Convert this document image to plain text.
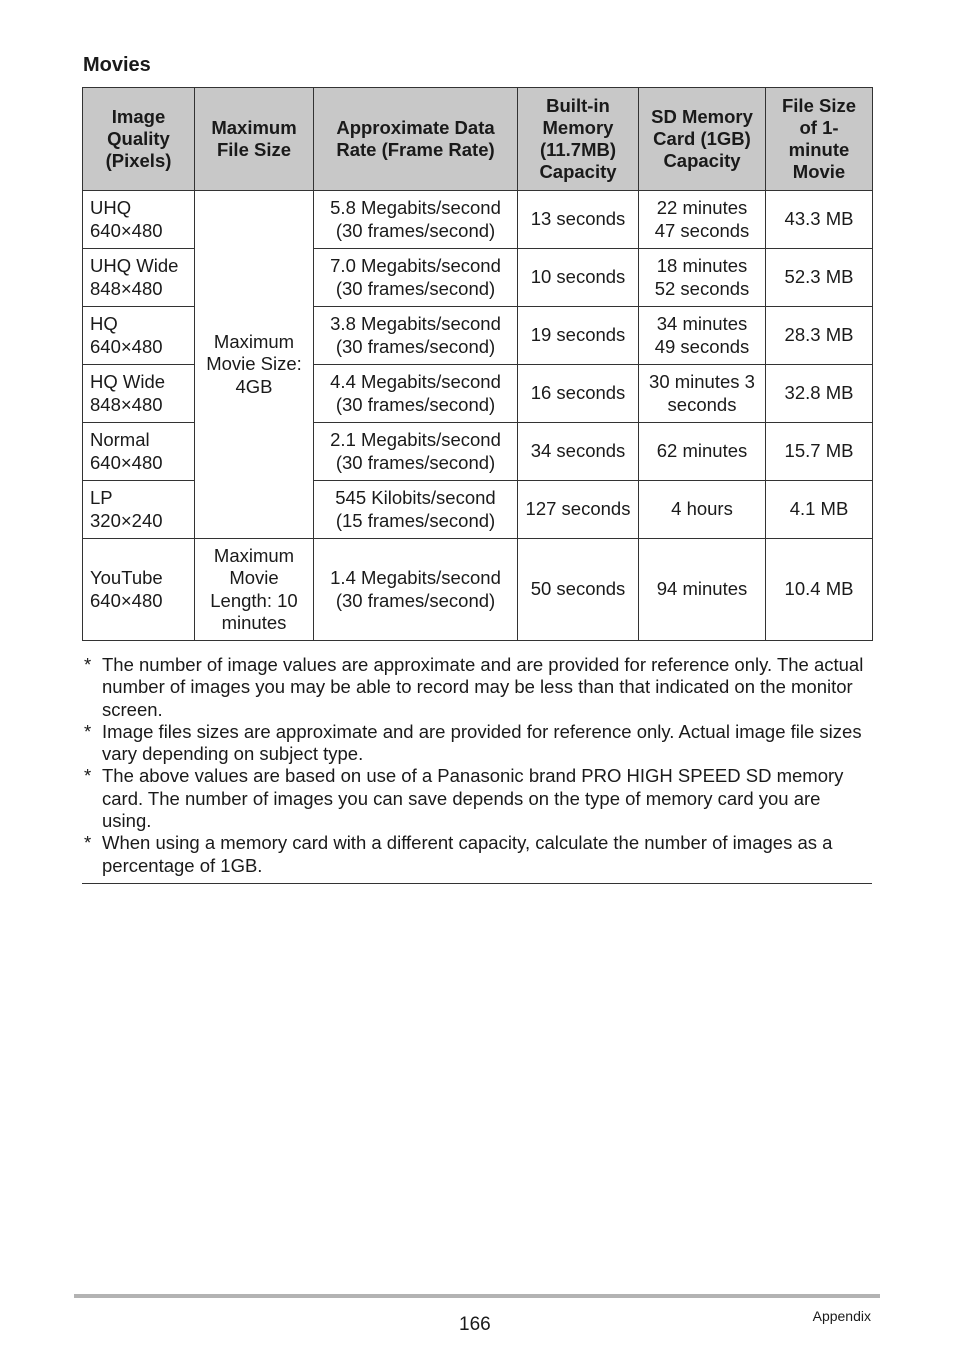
Movies
Image Quality (Pixels)	Maximum File Size	Approximate Data Rate (Frame Rate)	Built-in Memory (11.7MB) Capacity	SD Memory Card (1GB) Capacity	File Size of 1-minute Movie
UHQ 640×480	Maximum Movie Size: 4GB	5.8 Megabits/second (30 frames/second)	13 seconds	22 minutes 47 seconds	43.3 MB
UHQ Wide 848×480		7.0 Megabits/second (30 frames/second)	10 seconds	18 minutes 52 seconds	52.3 MB
HQ 640×480		3.8 Megabits/second (30 frames/second)	19 seconds	34 minutes 49 seconds	28.3 MB
HQ Wide 848×480		4.4 Megabits/second (30 frames/second)	16 seconds	30 minutes 3 seconds	32.8 MB
Normal 640×480		2.1 Megabits/second (30 frames/second)	34 seconds	62 minutes	15.7 MB
LP 320×240		545 Kilobits/second (15 frames/second)	127 seconds	4 hours	4.1 MB
YouTube 640×480	Maximum Movie Length: 10 minutes	1.4 Megabits/second (30 frames/second)	50 seconds	94 minutes	10.4 MB
* The number of image values are approximate and are provided for reference only. The actual number of images you may be able to record may be less than that indicated on the monitor screen.
* Image files sizes are approximate and are provided for reference only. Actual image file sizes vary depending on subject type.
* The above values are based on use of a Panasonic brand PRO HIGH SPEED SD memory card. The number of images you can save depends on the type of memory card you are using.
* When using a memory card with a different capacity, calculate the number of images as a percentage of 1GB.
166	Appendix
